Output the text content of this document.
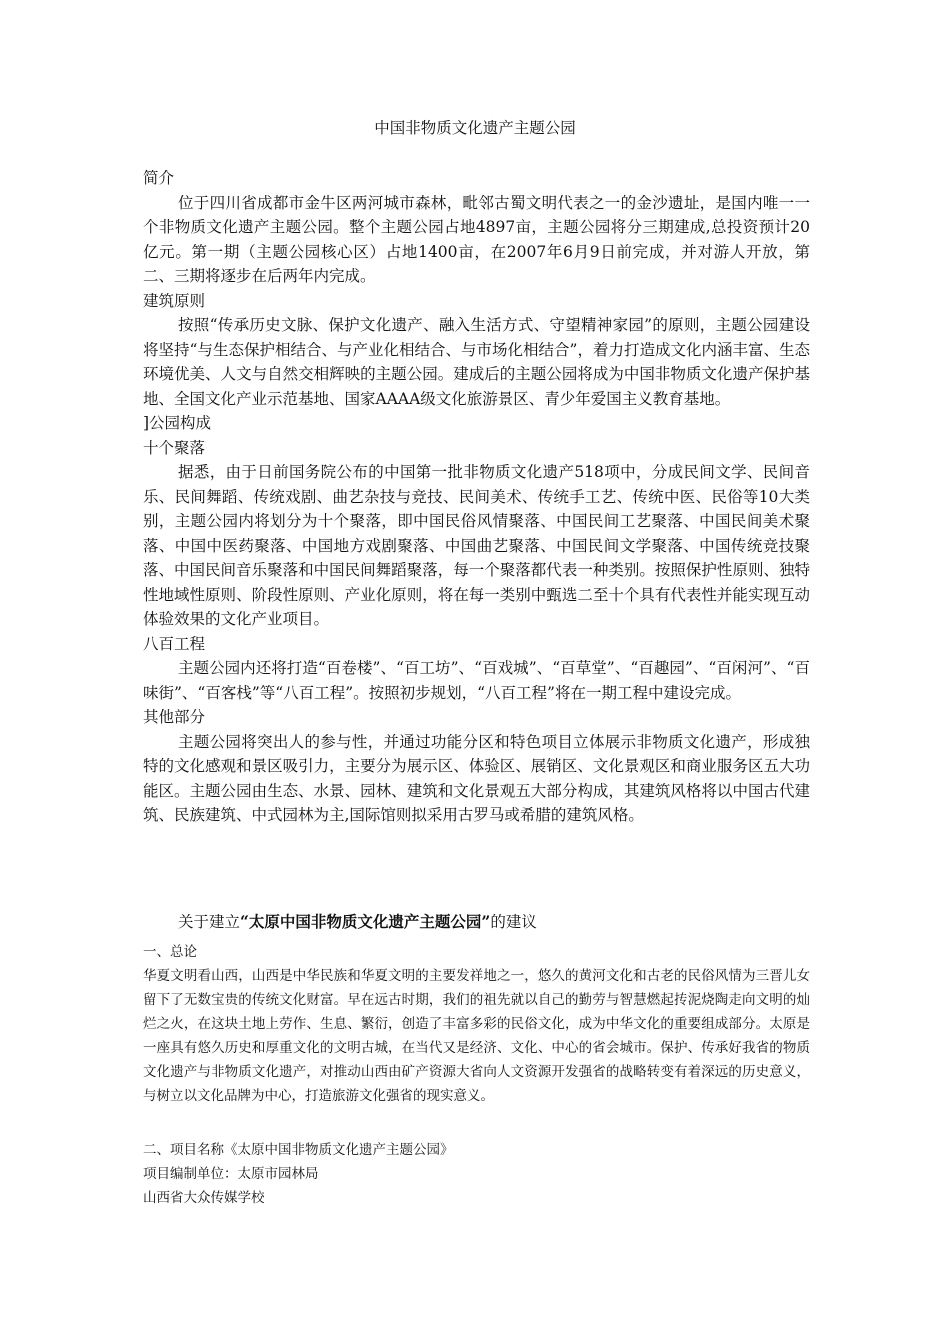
中国非物质文化遗产主题公园

简介

位于四川省成都市金牛区两河城市森林，毗邻古蜀文明代表之一的金沙遗址，是国内唯一一个非物质文化遗产主题公园。整个主题公园占地4897亩，主题公园将分三期建成,总投资预计20亿元。第一期（主题公园核心区）占地1400亩，在2007年6月9日前完成，并对游人开放，第二、三期将逐步在后两年内完成。

建筑原则

按照“传承历史文脉、保护文化遗产、融入生活方式、守望精神家园”的原则，主题公园建设将坚持“与生态保护相结合、与产业化相结合、与市场化相结合”，着力打造成文化内涵丰富、生态环境优美、人文与自然交相辉映的主题公园。建成后的主题公园将成为中国非物质文化遗产保护基地、全国文化产业示范基地、国家AAAA级文化旅游景区、青少年爱国主义教育基地。

]公园构成

十个聚落

据悉，由于日前国务院公布的中国第一批非物质文化遗产518项中，分成民间文学、民间音乐、民间舞蹈、传统戏剧、曲艺杂技与竞技、民间美术、传统手工艺、传统中医、民俗等10大类别，主题公园内将划分为十个聚落，即中国民俗风情聚落、中国民间工艺聚落、中国民间美术聚落、中国中医药聚落、中国地方戏剧聚落、中国曲艺聚落、中国民间文学聚落、中国传统竞技聚落、中国民间音乐聚落和中国民间舞蹈聚落，每一个聚落都代表一种类别。按照保护性原则、独特性地域性原则、阶段性原则、产业化原则，将在每一类别中甄选二至十个具有代表性并能实现互动体验效果的文化产业项目。

八百工程

主题公园内还将打造“百卷楼”、“百工坊”、“百戏城”、“百草堂”、“百趣园”、“百闲河”、“百味街”、“百客栈”等“八百工程”。按照初步规划，“八百工程”将在一期工程中建设完成。

其他部分

主题公园将突出人的参与性，并通过功能分区和特色项目立体展示非物质文化遗产，形成独特的文化感观和景区吸引力，主要分为展示区、体验区、展销区、文化景观区和商业服务区五大功能区。主题公园由生态、水景、园林、建筑和文化景观五大部分构成，其建筑风格将以中国古代建筑、民族建筑、中式园林为主,国际馆则拟采用古罗马或希腊的建筑风格。

关于建立“太原中国非物质文化遗产主题公园”的建议

一、总论

华夏文明看山西，山西是中华民族和华夏文明的主要发祥地之一，悠久的黄河文化和古老的民俗风情为三晋儿女留下了无数宝贵的传统文化财富。早在远古时期，我们的祖先就以自己的勤劳与智慧燃起抟泥烧陶走向文明的灿烂之火，在这块土地上劳作、生息、繁衍，创造了丰富多彩的民俗文化，成为中华文化的重要组成部分。太原是一座具有悠久历史和厚重文化的文明古城，在当代又是经济、文化、中心的省会城市。保护、传承好我省的物质文化遗产与非物质文化遗产，对推动山西由矿产资源大省向人文资源开发强省的战略转变有着深远的历史意义，与树立以文化品牌为中心，打造旅游文化强省的现实意义。

二、项目名称《太原中国非物质文化遗产主题公园》

项目编制单位：太原市园林局

山西省大众传媒学校
